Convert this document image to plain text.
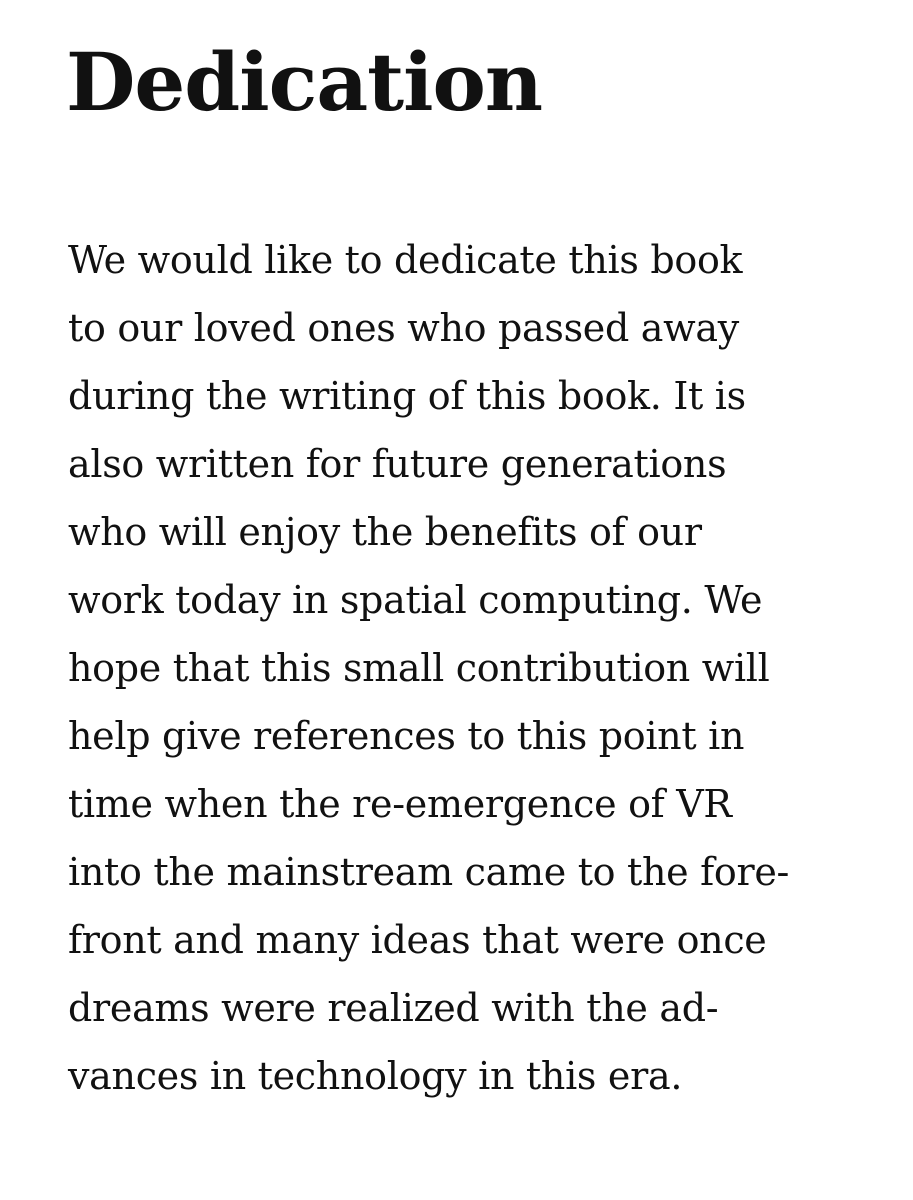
Dedication

We would like to dedicate this book
to our loved ones who passed away
during the writing of this book. It is
also written for future generations
who will enjoy the benefits of our
work today in spatial computing. We
hope that this small contribution will
help give references to this point in
time when the re-emergence of VR
into the mainstream came to the fore-
front and many ideas that were once
dreams were realized with the ad-
vances in technology in this era.
